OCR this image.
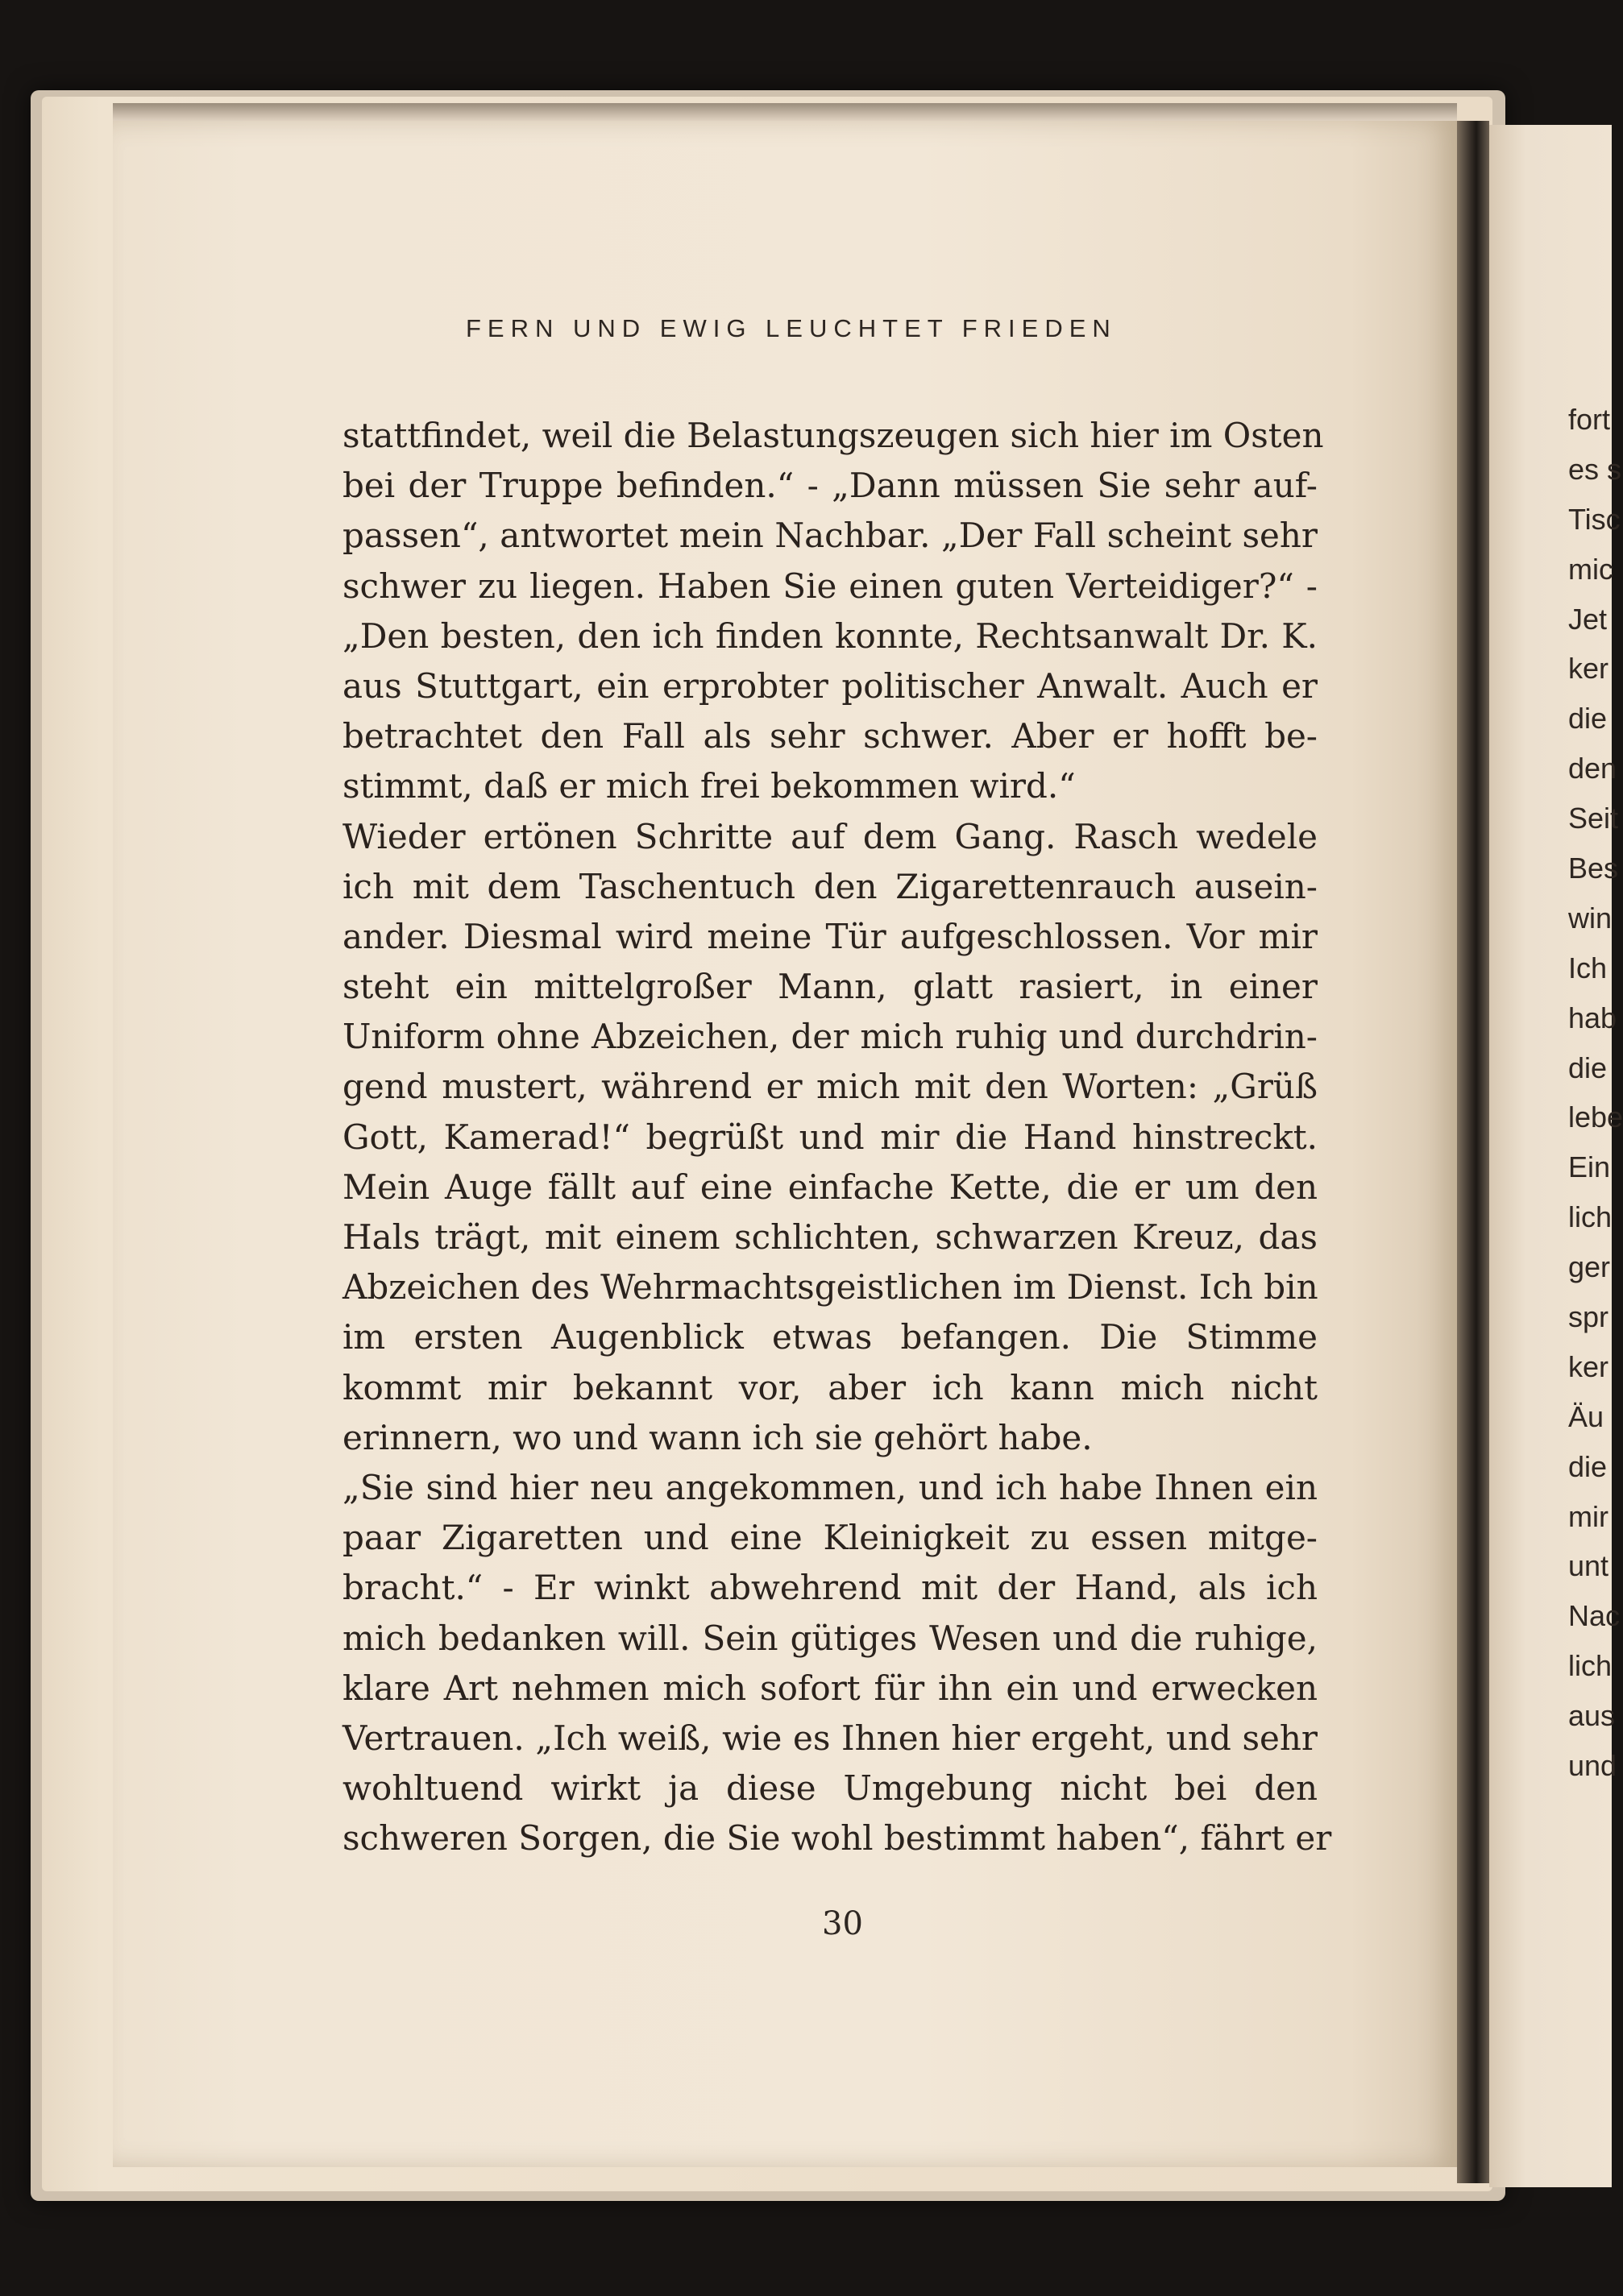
FERN UND EWIG LEUCHTET FRIEDEN
stattfindet, weil die Belastungszeugen sich hier im Osten
bei der Truppe befinden.“ - „Dann müssen Sie sehr auf-
passen“, antwortet mein Nachbar. „Der Fall scheint sehr
schwer zu liegen. Haben Sie einen guten Verteidiger?“ -
„Den besten, den ich finden konnte, Rechtsanwalt Dr. K.
aus Stuttgart, ein erprobter politischer Anwalt. Auch er
betrachtet den Fall als sehr schwer. Aber er hofft be-
stimmt, daß er mich frei bekommen wird.“
Wieder ertönen Schritte auf dem Gang. Rasch wedele
ich mit dem Taschentuch den Zigarettenrauch ausein-
ander. Diesmal wird meine Tür aufgeschlossen. Vor mir
steht ein mittelgroßer Mann, glatt rasiert, in einer
Uniform ohne Abzeichen, der mich ruhig und durchdrin-
gend mustert, während er mich mit den Worten: „Grüß
Gott, Kamerad!“ begrüßt und mir die Hand hinstreckt.
Mein Auge fällt auf eine einfache Kette, die er um den
Hals trägt, mit einem schlichten, schwarzen Kreuz, das
Abzeichen des Wehrmachtsgeistlichen im Dienst. Ich bin
im ersten Augenblick etwas befangen. Die Stimme
kommt mir bekannt vor, aber ich kann mich nicht
erinnern, wo und wann ich sie gehört habe.
„Sie sind hier neu angekommen, und ich habe Ihnen ein
paar Zigaretten und eine Kleinigkeit zu essen mitge-
bracht.“ - Er winkt abwehrend mit der Hand, als ich
mich bedanken will. Sein gütiges Wesen und die ruhige,
klare Art nehmen mich sofort für ihn ein und erwecken
Vertrauen. „Ich weiß, wie es Ihnen hier ergeht, und sehr
wohltuend wirkt ja diese Umgebung nicht bei den
schweren Sorgen, die Sie wohl bestimmt haben“, fährt er
30
fort
es s
Tisc
mic
Jet
ker
die
den
Seit
Bes
win
Ich
hab
die
lebe
Ein
lich
ger
spr
ker
Äu
die
mir
unt
Nac
lich
aus
und
